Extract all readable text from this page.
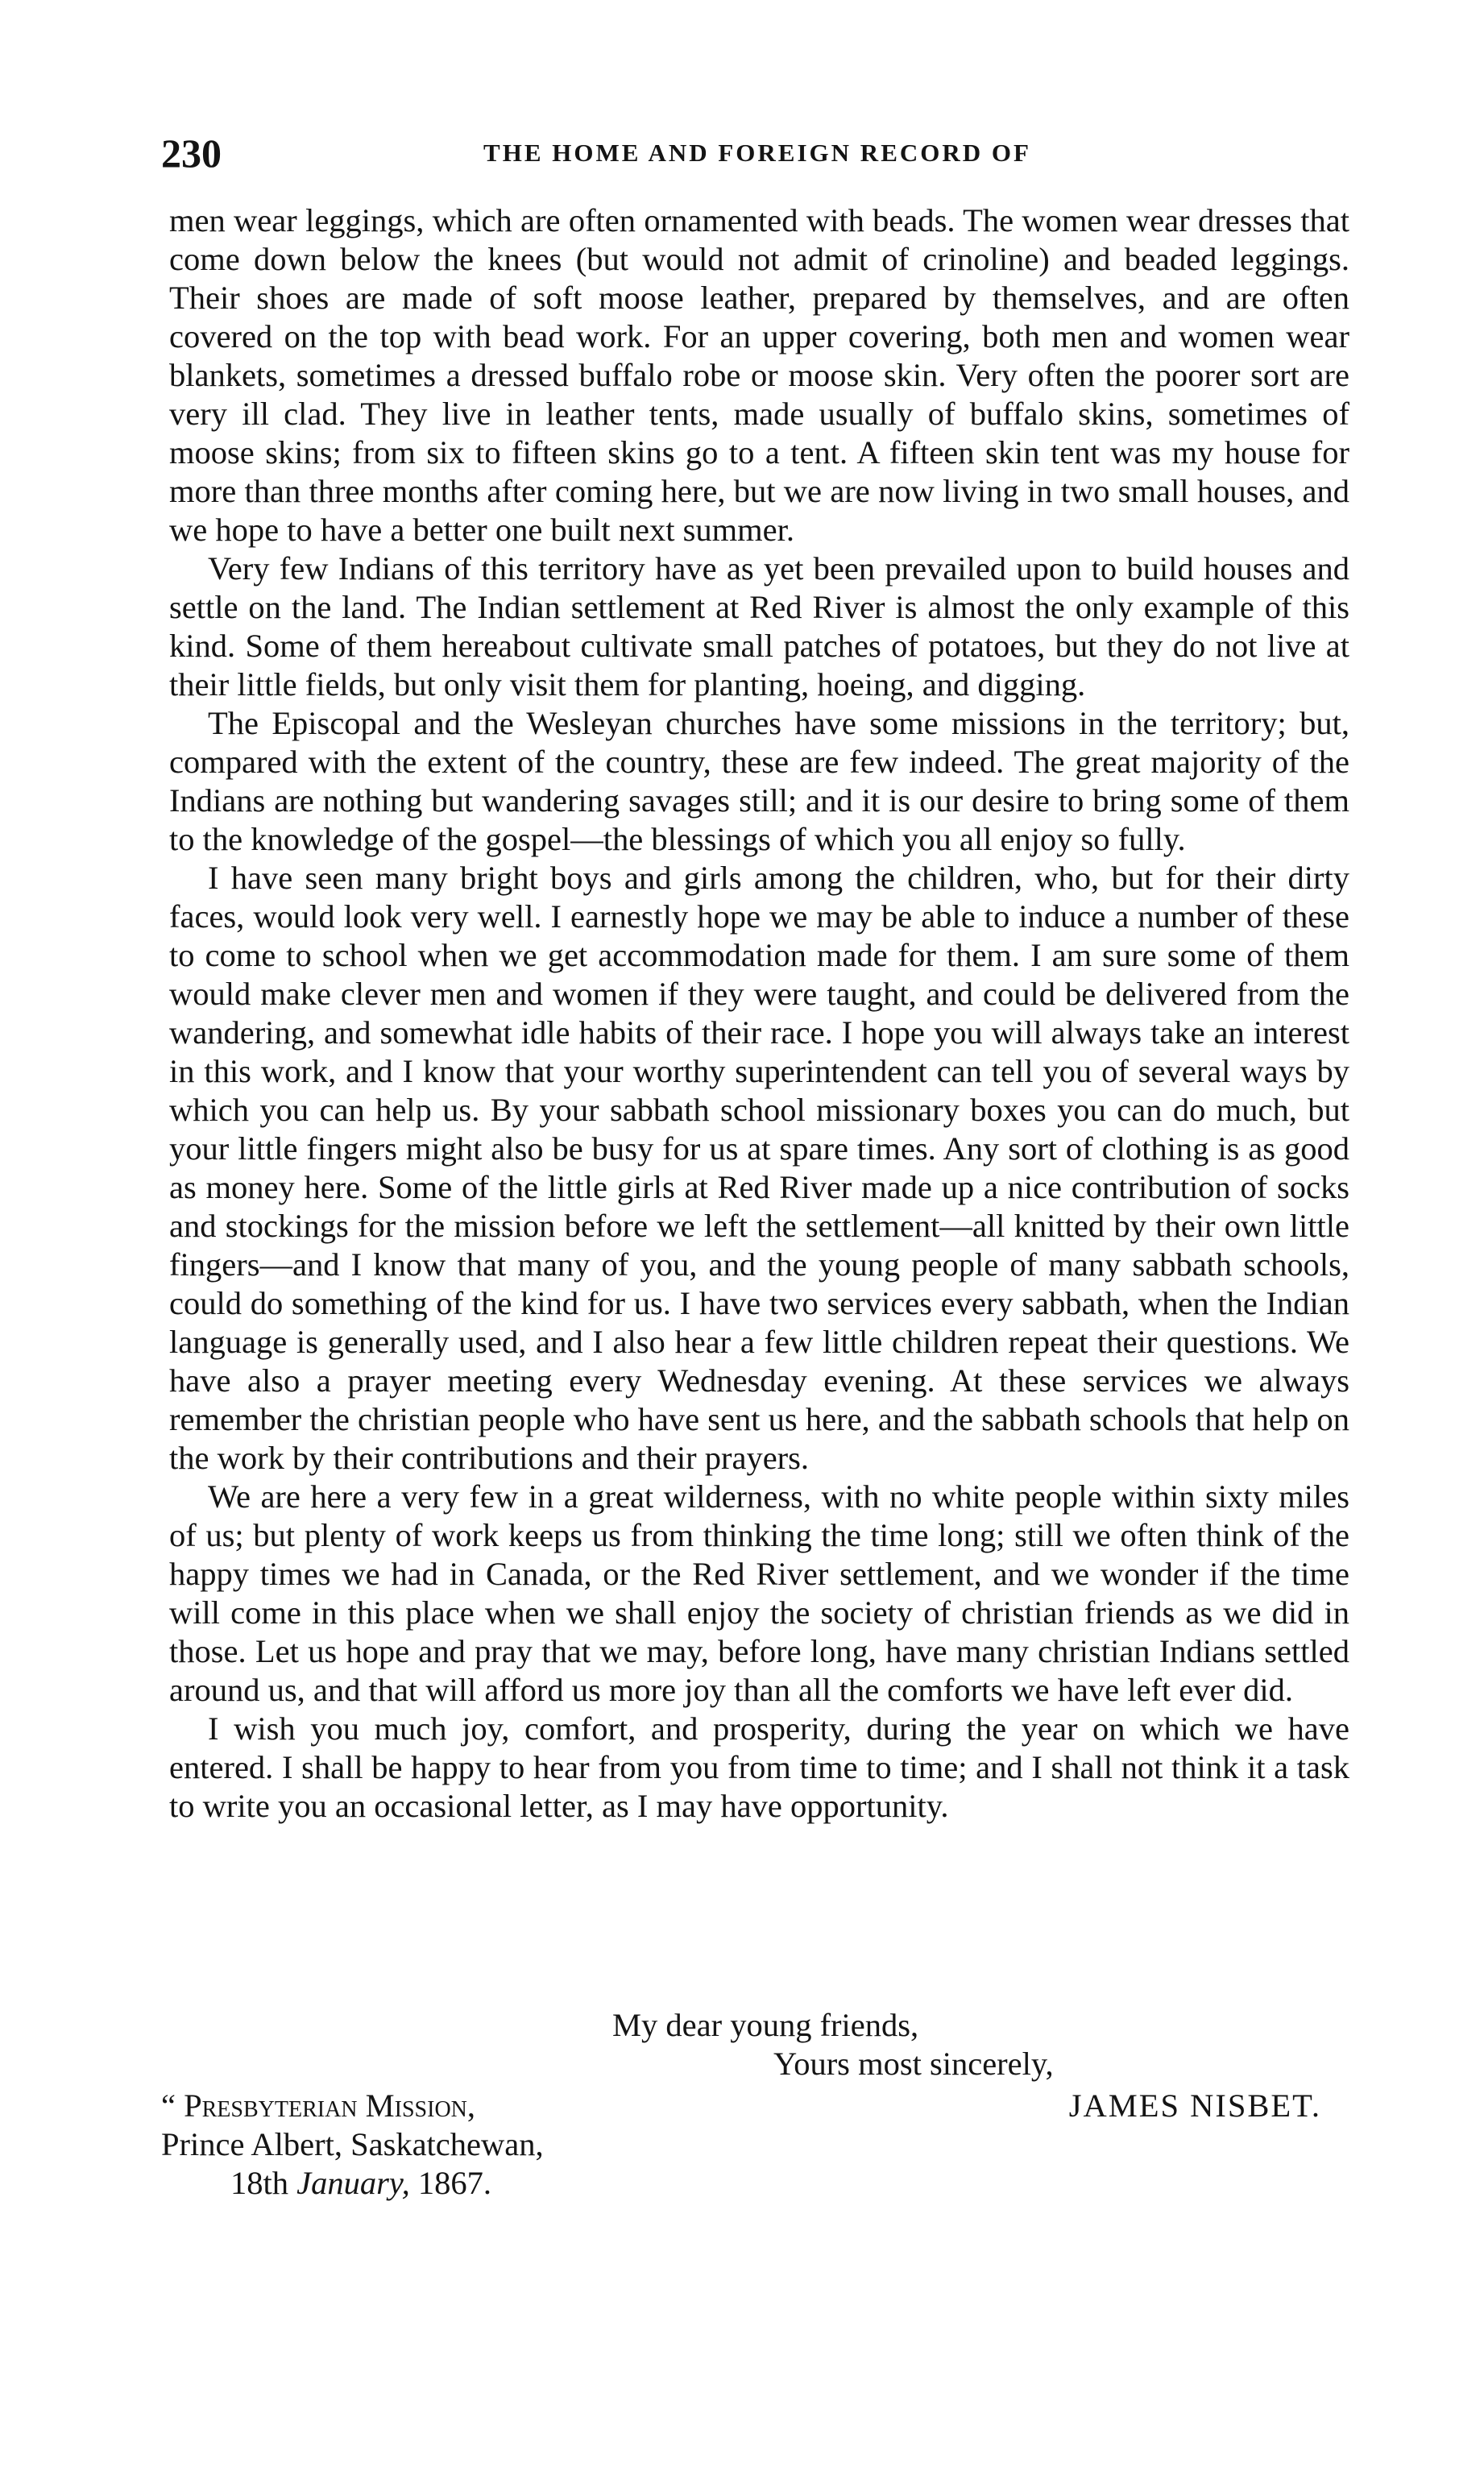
230	THE HOME AND FOREIGN RECORD OF

men wear leggings, which are often ornamented with beads. The women wear dresses that come down below the knees (but would not admit of crinoline) and beaded leggings. Their shoes are made of soft moose leather, prepared by themselves, and are often covered on the top with bead work. For an upper covering, both men and women wear blankets, sometimes a dressed buffalo robe or moose skin. Very often the poorer sort are very ill clad. They live in leather tents, made usually of buffalo skins, sometimes of moose skins; from six to fifteen skins go to a tent. A fifteen skin tent was my house for more than three months after coming here, but we are now living in two small houses, and we hope to have a better one built next summer.

Very few Indians of this territory have as yet been prevailed upon to build houses and settle on the land. The Indian settlement at Red River is almost the only example of this kind. Some of them hereabout cultivate small patches of potatoes, but they do not live at their little fields, but only visit them for planting, hoeing, and digging.

The Episcopal and the Wesleyan churches have some missions in the territory; but, compared with the extent of the country, these are few indeed. The great majority of the Indians are nothing but wandering savages still; and it is our desire to bring some of them to the knowledge of the gospel—the blessings of which you all enjoy so fully.

I have seen many bright boys and girls among the children, who, but for their dirty faces, would look very well. I earnestly hope we may be able to induce a number of these to come to school when we get accommodation made for them. I am sure some of them would make clever men and women if they were taught, and could be delivered from the wandering, and somewhat idle habits of their race. I hope you will always take an interest in this work, and I know that your worthy superintendent can tell you of several ways by which you can help us. By your sabbath school missionary boxes you can do much, but your little fingers might also be busy for us at spare times. Any sort of clothing is as good as money here. Some of the little girls at Red River made up a nice contribution of socks and stockings for the mission before we left the settlement—all knitted by their own little fingers—and I know that many of you, and the young people of many sabbath schools, could do something of the kind for us. I have two services every sabbath, when the Indian language is generally used, and I also hear a few little children repeat their questions. We have also a prayer meeting every Wednesday evening. At these services we always remember the christian people who have sent us here, and the sabbath schools that help on the work by their contributions and their prayers.

We are here a very few in a great wilderness, with no white people within sixty miles of us; but plenty of work keeps us from thinking the time long; still we often think of the happy times we had in Canada, or the Red River settlement, and we wonder if the time will come in this place when we shall enjoy the society of christian friends as we did in those. Let us hope and pray that we may, before long, have many christian Indians settled around us, and that will afford us more joy than all the comforts we have left ever did.

I wish you much joy, comfort, and prosperity, during the year on which we have entered. I shall be happy to hear from you from time to time; and I shall not think it a task to write you an occasional letter, as I may have opportunity.

My dear young friends,
Yours most sincerely,
JAMES NISBET.
“ Presbyterian Mission,
Prince Albert, Saskatchewan,
18th January, 1867.
